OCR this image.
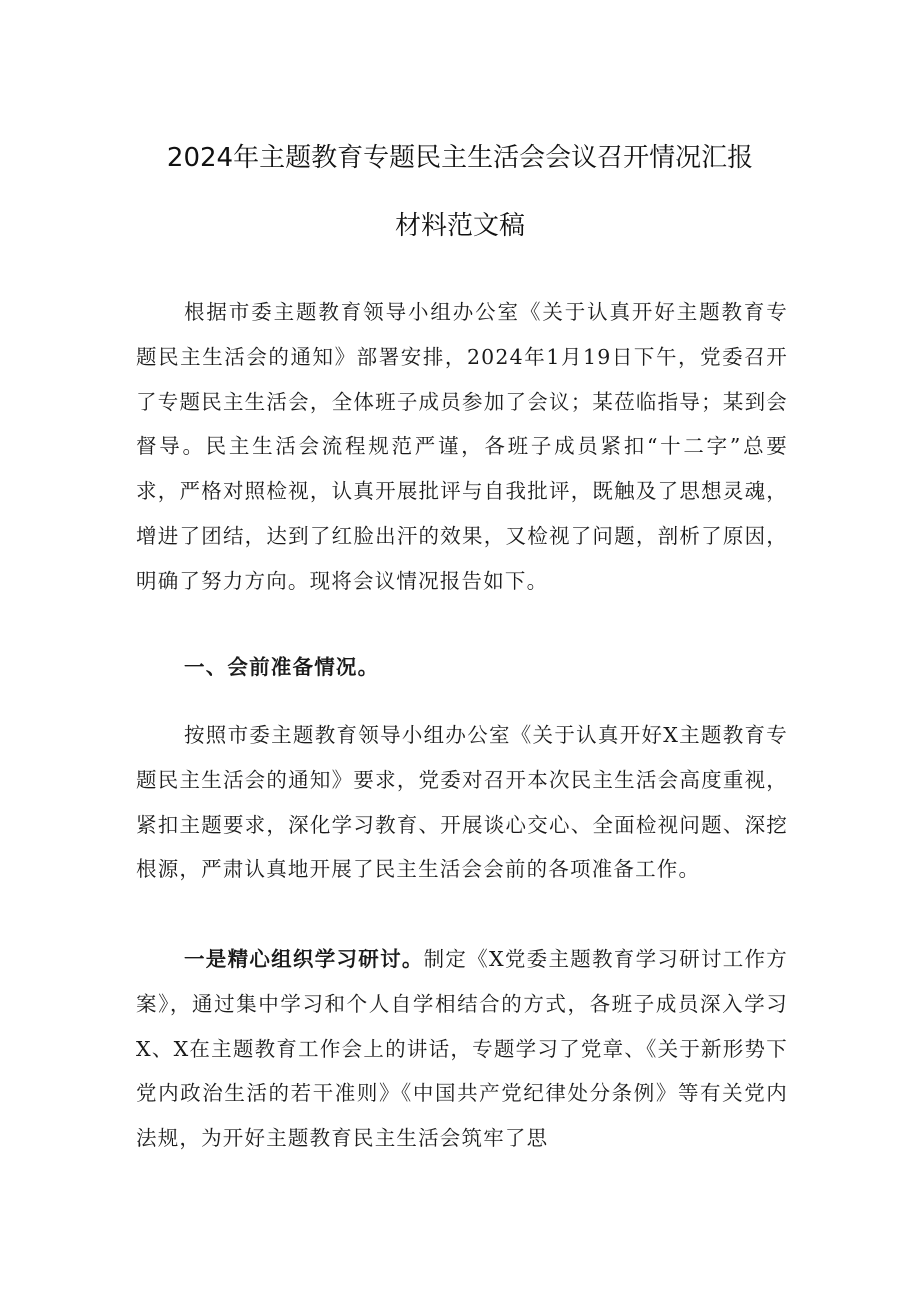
2024年主题教育专题民主生活会会议召开情况汇报
材料范文稿

根据市委主题教育领导小组办公室《关于认真开好主题教育专题民主生活会的通知》部署安排，2024年1月19日下午，党委召开了专题民主生活会，全体班子成员参加了会议；某莅临指导；某到会督导。民主生活会流程规范严谨，各班子成员紧扣“十二字”总要求，严格对照检视，认真开展批评与自我批评，既触及了思想灵魂，增进了团结，达到了红脸出汗的效果，又检视了问题，剖析了原因，明确了努力方向。现将会议情况报告如下。

一、会前准备情况。

按照市委主题教育领导小组办公室《关于认真开好X主题教育专题民主生活会的通知》要求，党委对召开本次民主生活会高度重视，紧扣主题要求，深化学习教育、开展谈心交心、全面检视问题、深挖根源，严肃认真地开展了民主生活会会前的各项准备工作。

一是精心组织学习研讨。制定《X党委主题教育学习研讨工作方案》，通过集中学习和个人自学相结合的方式，各班子成员深入学习X、X在主题教育工作会上的讲话，专题学习了党章、《关于新形势下党内政治生活的若干准则》《中国共产党纪律处分条例》等有关党内法规，为开好主题教育民主生活会筑牢了思
